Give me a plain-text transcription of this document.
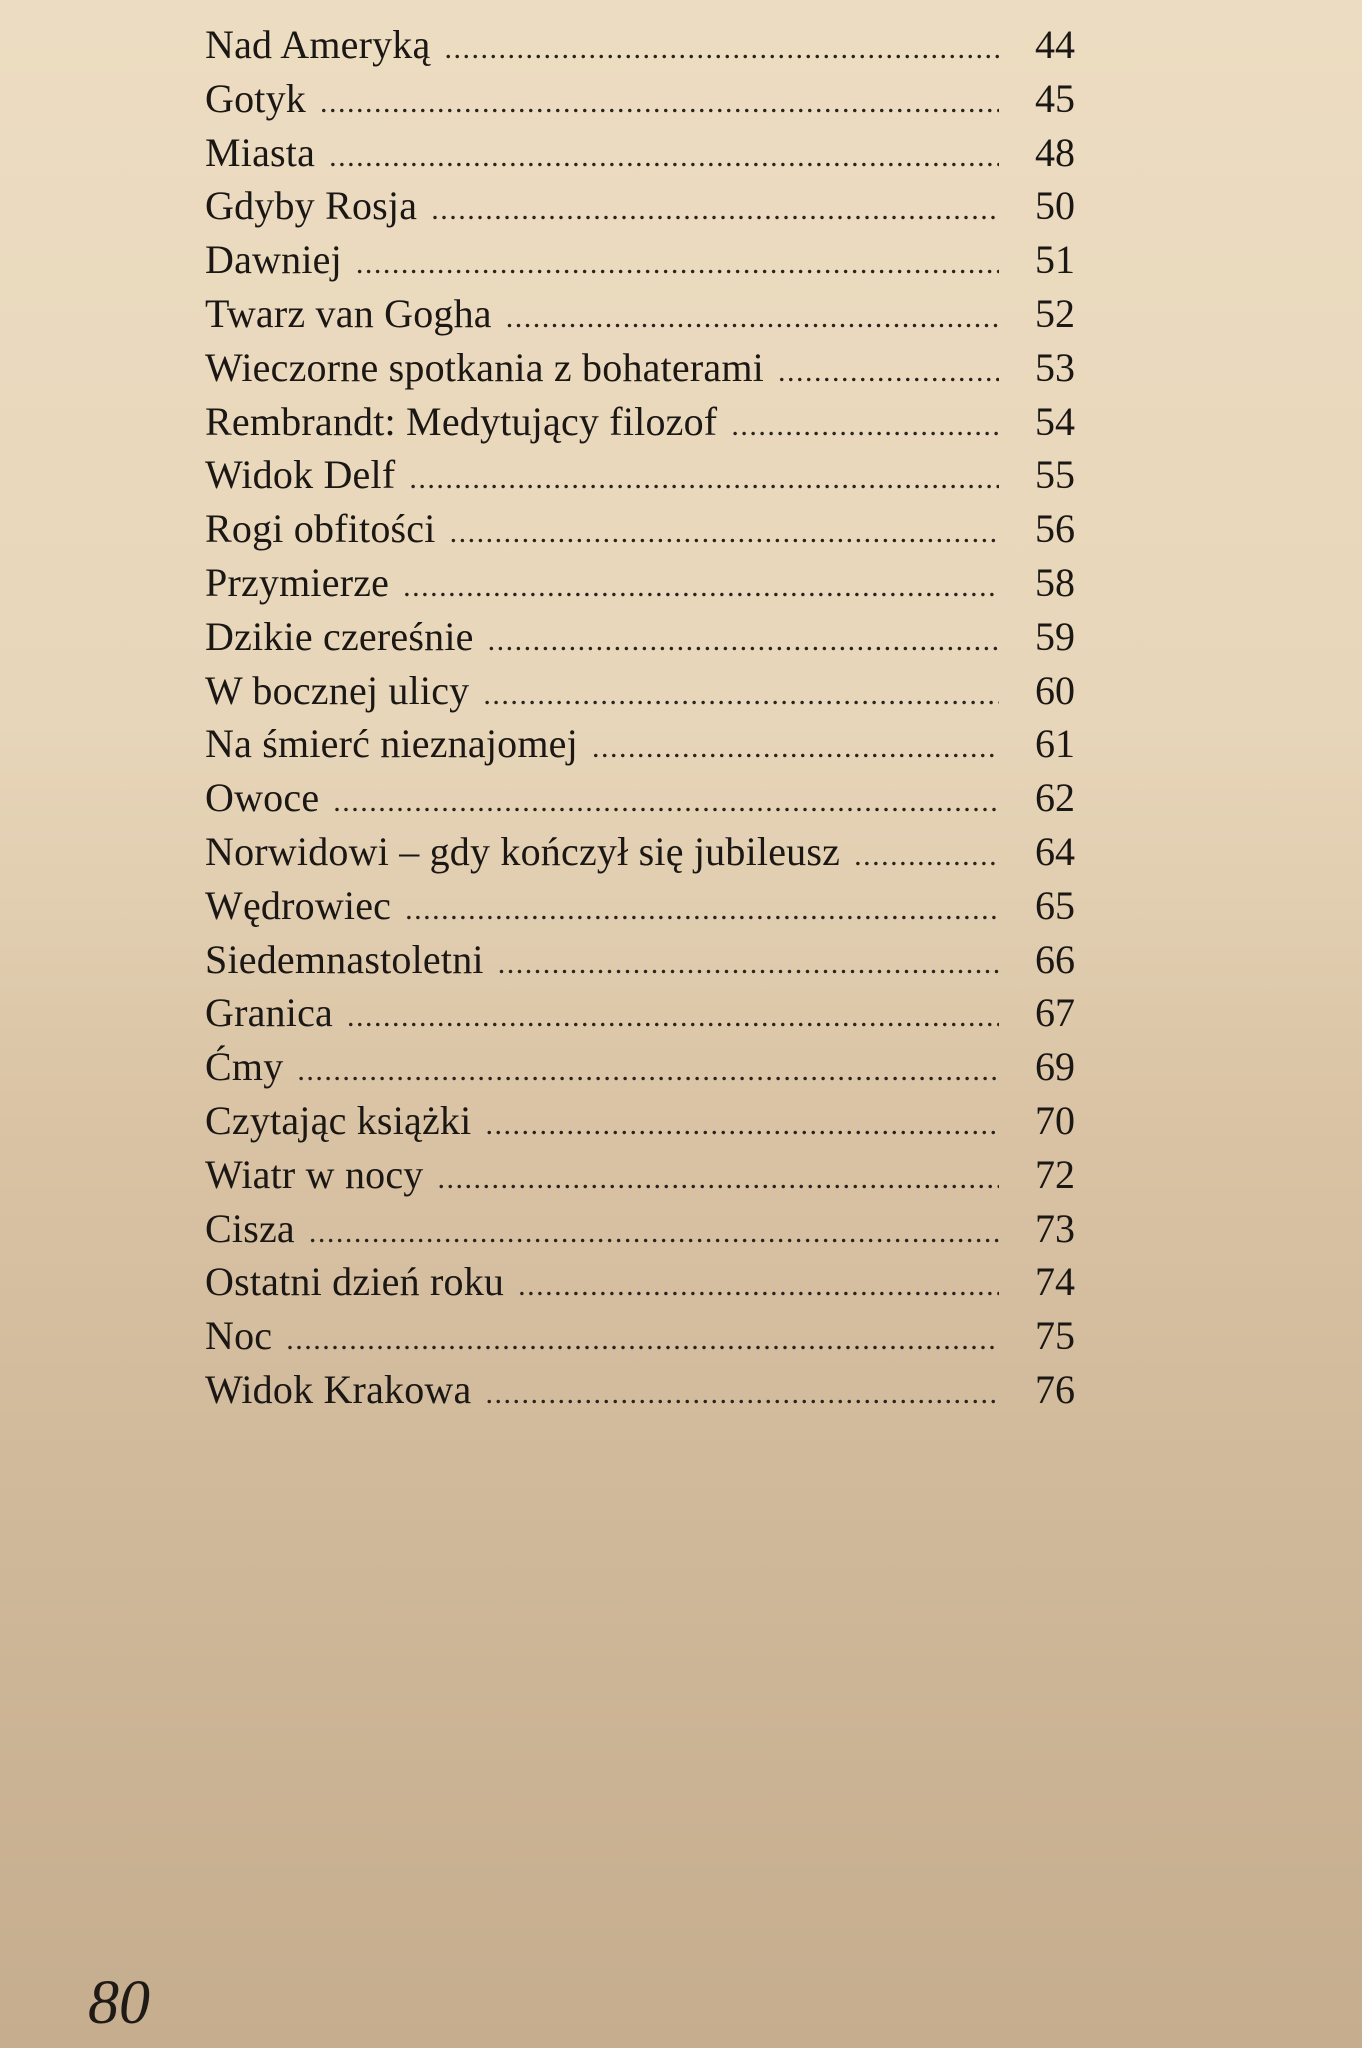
Nad Ameryką . . .	44
Gotyk . . .	45
Miasta . . .	48
Gdyby Rosja . . .	50
Dawniej . . .	51
Twarz van Gogha . . .	52
Wieczorne spotkania z bohaterami . . .	53
Rembrandt: Medytujący filozof . . .	54
Widok Delf . . .	55
Rogi obfitości . . .	56
Przymierze . . .	58
Dzikie czereśnie . . .	59
W bocznej ulicy . . .	60
Na śmierć nieznajomej . . .	61
Owoce . . .	62
Norwidowi – gdy kończył się jubileusz . . .	64
Wędrowiec . . .	65
Siedemnastoletni . . .	66
Granica . . .	67
Ćmy . . .	69
Czytając książki . . .	70
Wiatr w nocy . . .	72
Cisza . . .	73
Ostatni dzień roku . . .	74
Noc . . .	75
Widok Krakowa . . .	76
80
